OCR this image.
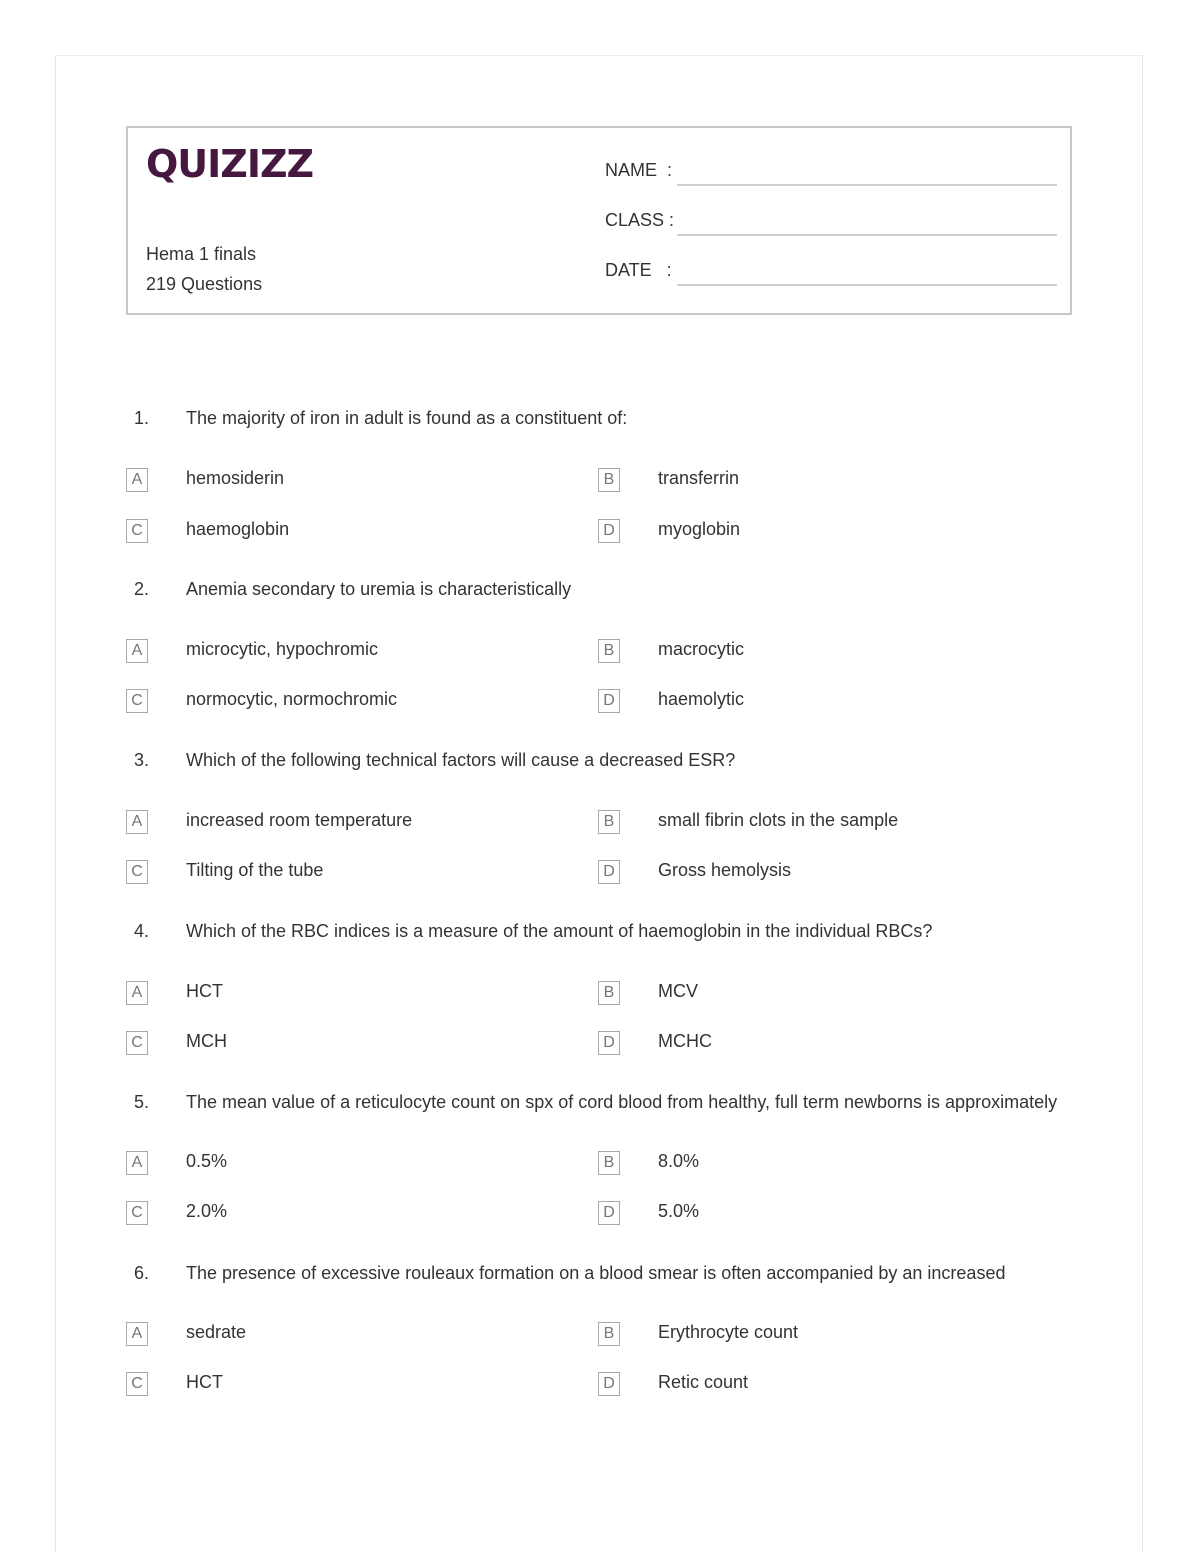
QUIZIZZ
Hema 1 finals
219 Questions
NAME  :
CLASS :
DATE   :
1. The majority of iron in adult is found as a constituent of:
A	hemosiderin	B	transferrin
C haemoglobin	D myoglobin
2. Anemia secondary to uremia is characteristically
A	microcytic, hypochromic	B	macrocytic
C normocytic, normochromic	D haemolytic
3. Which of the following technical factors will cause a decreased ESR?
A	increased room temperature	B	small fibrin clots in the sample
C Tilting of the tube	D Gross hemolysis
4. Which of the RBC indices is a measure of the amount of haemoglobin in the individual RBCs?
A	HCT	B	MCV
C MCH	D MCHC
5. The mean value of a reticulocyte count on spx of cord blood from healthy, full term newborns is approximately
A	0.5%	B	8.0%
C 2.0%	D 5.0%
6. The presence of excessive rouleaux formation on a blood smear is often accompanied by an increased
A	sedrate	B	Erythrocyte count
C HCT	D Retic count
